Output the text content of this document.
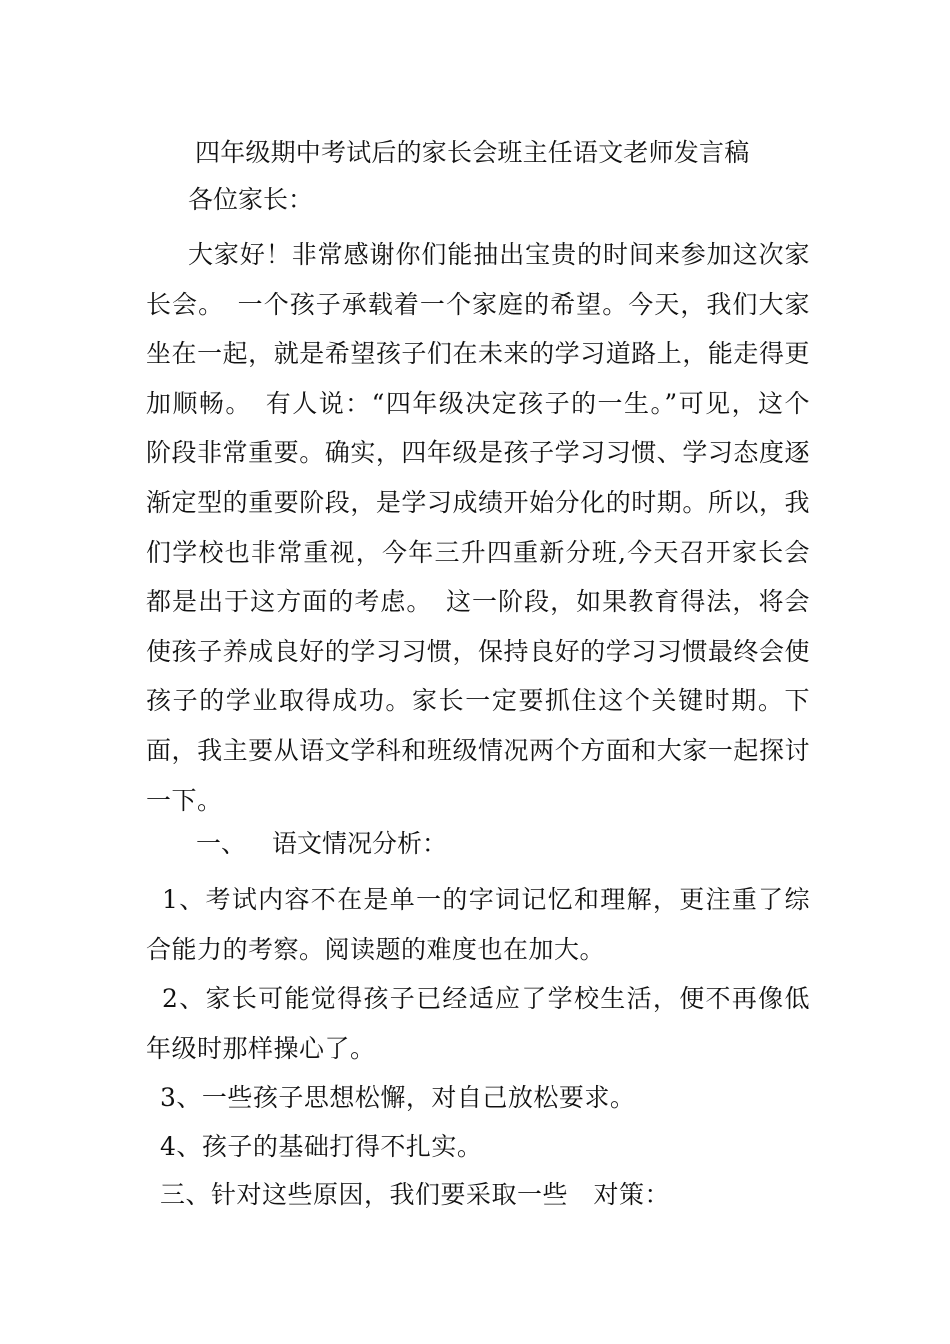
四年级期中考试后的家长会班主任语文老师发言稿
各位家长：
大家好！非常感谢你们能抽出宝贵的时间来参加这次家长会。　一个孩子承载着一个家庭的希望。今天，我们大家坐在一起，就是希望孩子们在未来的学习道路上，能走得更加顺畅。　有人说：“四年级决定孩子的一生。”可见，这个阶段非常重要。确实，四年级是孩子学习习惯、学习态度逐渐定型的重要阶段，是学习成绩开始分化的时期。所以，我们学校也非常重视，今年三升四重新分班,今天召开家长会都是出于这方面的考虑。　这一阶段，如果教育得法，将会使孩子养成良好的学习习惯，保持良好的学习习惯最终会使孩子的学业取得成功。家长一定要抓住这个关键时期。下面，我主要从语文学科和班级情况两个方面和大家一起探讨一下。
一、 语文情况分析：
1、考试内容不在是单一的字词记忆和理解，更注重了综合能力的考察。阅读题的难度也在加大。
2、家长可能觉得孩子已经适应了学校生活，便不再像低年级时那样操心了。
3、一些孩子思想松懈，对自己放松要求。
4、孩子的基础打得不扎实。
三、针对这些原因，我们要采取一些　对策：
